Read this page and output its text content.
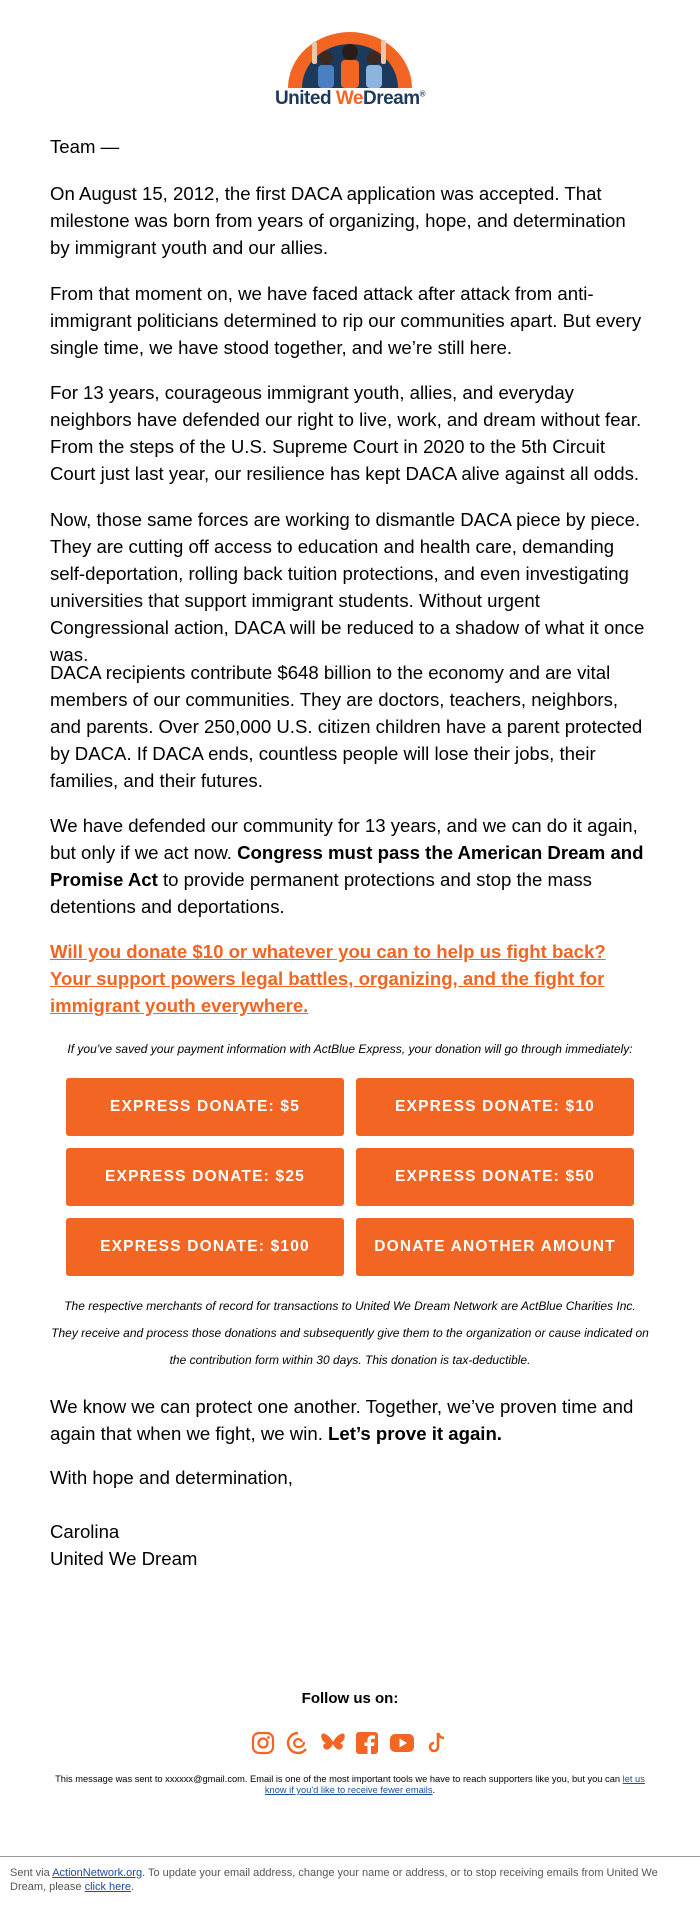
United WeDream®

Team —

On August 15, 2012, the first DACA application was accepted. That milestone was born from years of organizing, hope, and determination by immigrant youth and our allies.

From that moment on, we have faced attack after attack from anti-immigrant politicians determined to rip our communities apart. But every single time, we have stood together, and we’re still here.

For 13 years, courageous immigrant youth, allies, and everyday neighbors have defended our right to live, work, and dream without fear. From the steps of the U.S. Supreme Court in 2020 to the 5th Circuit Court just last year, our resilience has kept DACA alive against all odds.

Now, those same forces are working to dismantle DACA piece by piece. They are cutting off access to education and health care, demanding self-deportation, rolling back tuition protections, and even investigating universities that support immigrant students. Without urgent Congressional action, DACA will be reduced to a shadow of what it once was.

DACA recipients contribute $648 billion to the economy and are vital members of our communities. They are doctors, teachers, neighbors, and parents. Over 250,000 U.S. citizen children have a parent protected by DACA. If DACA ends, countless people will lose their jobs, their families, and their futures.

We have defended our community for 13 years, and we can do it again, but only if we act now. Congress must pass the American Dream and Promise Act to provide permanent protections and stop the mass detentions and deportations.

Will you donate $10 or whatever you can to help us fight back? Your support powers legal battles, organizing, and the fight for immigrant youth everywhere.
If you’ve saved your payment information with ActBlue Express, your donation will go through immediately:
EXPRESS DONATE: $5	EXPRESS DONATE: $10
EXPRESS DONATE: $25	EXPRESS DONATE: $50
EXPRESS DONATE: $100	DONATE ANOTHER AMOUNT
The respective merchants of record for transactions to United We Dream Network are ActBlue Charities Inc. They receive and process those donations and subsequently give them to the organization or cause indicated on the contribution form within 30 days. This donation is tax-deductible.

We know we can protect one another. Together, we’ve proven time and again that when we fight, we win. Let’s prove it again.

With hope and determination,

Carolina

United We Dream

Follow us on:
This message was sent to xxxxxx@gmail.com. Email is one of the most important tools we have to reach supporters like you, but you can let us know if you'd like to receive fewer emails.
Sent via ActionNetwork.org. To update your email address, change your name or address, or to stop receiving emails from United We Dream, please click here.
